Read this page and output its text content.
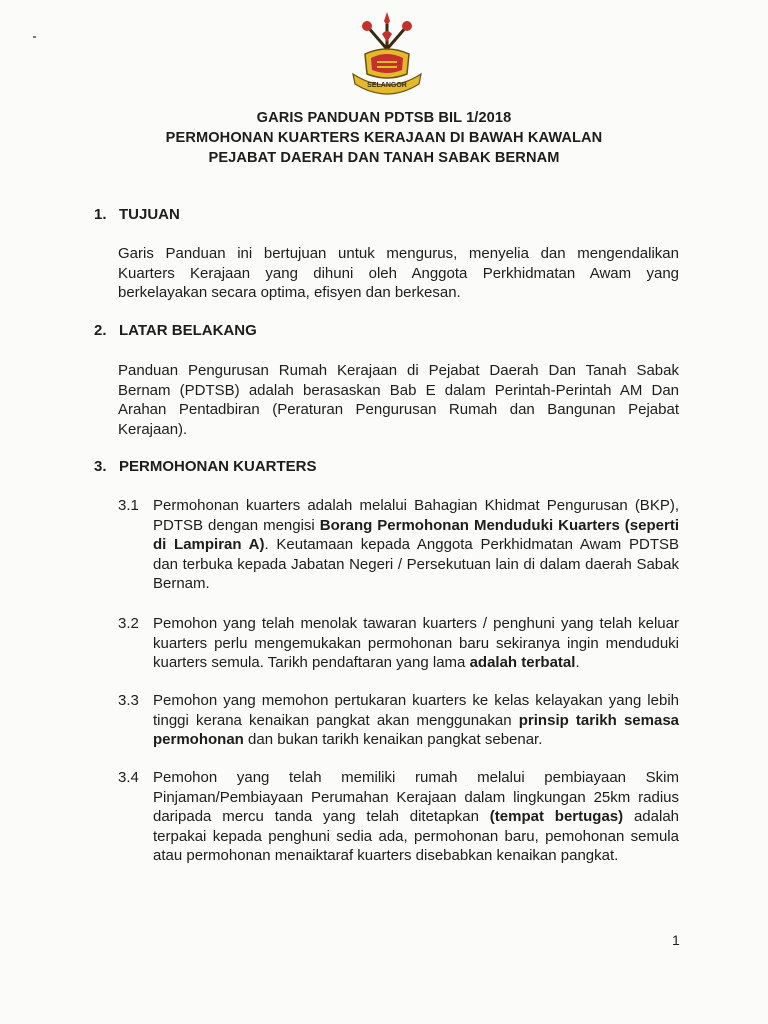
SELANGOR
GARIS PANDUAN PDTSB BIL 1/2018
PERMOHONAN KUARTERS KERAJAAN DI BAWAH KAWALAN
PEJABAT DAERAH DAN TANAH SABAK BERNAM
1. TUJUAN
Garis Panduan ini bertujuan untuk mengurus, menyelia dan mengendalikan Kuarters Kerajaan yang dihuni oleh Anggota Perkhidmatan Awam yang berkelayakan secara optima, efisyen dan berkesan.
2. LATAR BELAKANG
Panduan Pengurusan Rumah Kerajaan di Pejabat Daerah Dan Tanah Sabak Bernam (PDTSB) adalah berasaskan Bab E dalam Perintah-Perintah AM Dan Arahan Pentadbiran (Peraturan Pengurusan Rumah dan Bangunan Pejabat Kerajaan).
3. PERMOHONAN KUARTERS
3.1 Permohonan kuarters adalah melalui Bahagian Khidmat Pengurusan (BKP), PDTSB dengan mengisi Borang Permohonan Menduduki Kuarters (seperti di Lampiran A). Keutamaan kepada Anggota Perkhidmatan Awam PDTSB dan terbuka kepada Jabatan Negeri / Persekutuan lain di dalam daerah Sabak Bernam.
3.2 Pemohon yang telah menolak tawaran kuarters / penghuni yang telah keluar kuarters perlu mengemukakan permohonan baru sekiranya ingin menduduki kuarters semula. Tarikh pendaftaran yang lama adalah terbatal.
3.3 Pemohon yang memohon pertukaran kuarters ke kelas kelayakan yang lebih tinggi kerana kenaikan pangkat akan menggunakan prinsip tarikh semasa permohonan dan bukan tarikh kenaikan pangkat sebenar.
3.4 Pemohon yang telah memiliki rumah melalui pembiayaan Skim Pinjaman/Pembiayaan Perumahan Kerajaan dalam lingkungan 25km radius daripada mercu tanda yang telah ditetapkan (tempat bertugas) adalah terpakai kepada penghuni sedia ada, permohonan baru, pemohonan semula atau permohonan menaiktaraf kuarters disebabkan kenaikan pangkat.
1
